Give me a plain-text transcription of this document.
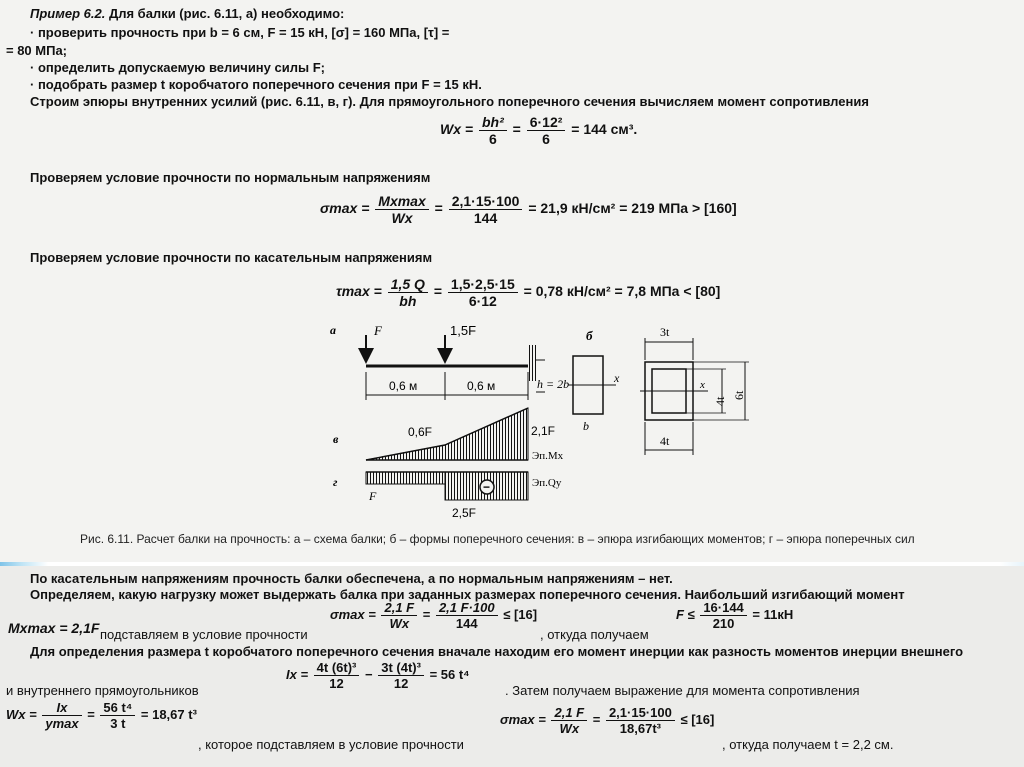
Пример 6.2. Для балки (рис. 6.11, а) необходимо:
· проверить прочность при b = 6 см, F = 15 кН, [σ] = 160 МПа, [τ] =
= 80 МПа;
· определить допускаемую величину силы F;
· подобрать размер t коробчатого поперечного сечения при F = 15 кН.
Строим эпюры внутренних усилий (рис. 6.11, в, г). Для прямоугольного поперечного сечения вычисляем момент сопротивления
$Wx = \frac{\text{bh²}}{6} = \frac{\text{6·12²}}{6} = 144$ см³.
Проверяем условие прочности по нормальным напряжениям
$\sigma\max = \frac{Mxmax}{Wx} = \frac{2,1\cdot 15\cdot 100}{144} = 21,9$ кН/см² = 219 МПа > [160]
Проверяем условие прочности по касательным напряжениям
$\tau\max = \frac{1,5 Q}{bh} = \frac{1,5\cdot 2,5\cdot 15}{6\cdot 12} = 0,78$ кН/см² = 7,8 МПа < [80]
а	F	1,5F
0,6 м	0,6 м	h = 2b
б
x
b
3t
x
4t
6t
4t
в	0,6F	2,1F
Эп.Mx
г	Эп.Qy
F
2,5F
−
Рис. 6.11. Расчет балки на прочность: а – схема балки; б – формы поперечного сечения: в – эпюра изгибающих моментов; г – эпюра поперечных сил
По касательным напряжениям прочность балки обеспечена, а по нормальным напряжениям – нет.
Определяем, какую нагрузку может выдержать балка при заданных размерах поперечного сечения. Наибольший изгибающий момент
Mxmax = 2,1F подставляем в условие прочности
$\sigma\max = \frac{2,1 F}{Wx} = \frac{2,1 F\cdot 100}{144} \le [16]$
, откуда получаем
$F \le \frac{16\cdot 144}{210} = 11кН$
Для определения размера t коробчатого поперечного сечения вначале находим его момент инерции как разность моментов инерции внешнего
и внутреннего прямоугольников
$Ix = \frac{\text{4t (6t)³}}{12} - \frac{\text{3t (4t)³}}{12} = 56$ t⁴
. Затем получаем выражение для момента сопротивления
$Wx = \frac{Ix}{ymax} = \frac{\text{56 t⁴}}{3 t} = 18,67$ t³
, которое подставляем в условие прочности
$\sigma\max = \frac{2,1 F}{Wx} = \frac{2,1\cdot 15\cdot 100}{\text{18,67t³}} \le [16]$
, откуда получаем t = 2,2 см.
